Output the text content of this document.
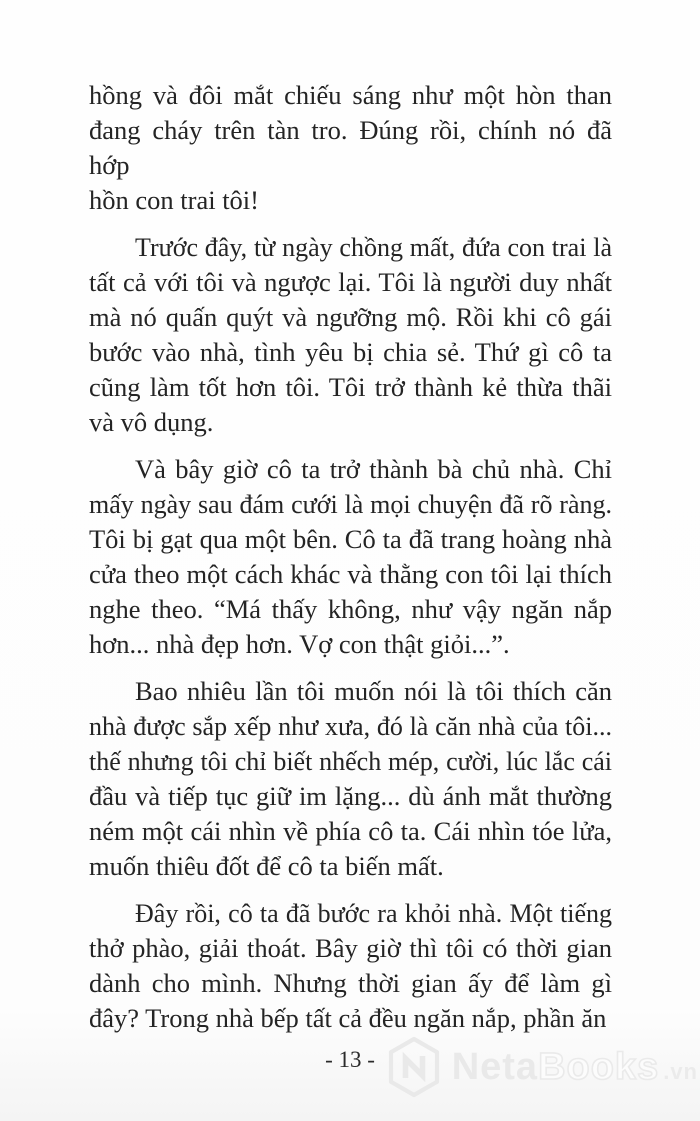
hồng và đôi mắt chiếu sáng như một hòn than
đang cháy trên tàn tro. Đúng rồi, chính nó đã hớp
hồn con trai tôi!
Trước đây, từ ngày chồng mất, đứa con trai là
tất cả với tôi và ngược lại. Tôi là người duy nhất
mà nó quấn quýt và ngưỡng mộ. Rồi khi cô gái
bước vào nhà, tình yêu bị chia sẻ. Thứ gì cô ta
cũng làm tốt hơn tôi. Tôi trở thành kẻ thừa thãi
và vô dụng.
Và bây giờ cô ta trở thành bà chủ nhà. Chỉ
mấy ngày sau đám cưới là mọi chuyện đã rõ ràng.
Tôi bị gạt qua một bên. Cô ta đã trang hoàng nhà
cửa theo một cách khác và thằng con tôi lại thích
nghe theo. “Má thấy không, như vậy ngăn nắp
hơn... nhà đẹp hơn. Vợ con thật giỏi...”.
Bao nhiêu lần tôi muốn nói là tôi thích căn
nhà được sắp xếp như xưa, đó là căn nhà của tôi...
thế nhưng tôi chỉ biết nhếch mép, cười, lúc lắc cái
đầu và tiếp tục giữ im lặng... dù ánh mắt thường
ném một cái nhìn về phía cô ta. Cái nhìn tóe lửa,
muốn thiêu đốt để cô ta biến mất.
Đây rồi, cô ta đã bước ra khỏi nhà. Một tiếng
thở phào, giải thoát. Bây giờ thì tôi có thời gian
dành cho mình. Nhưng thời gian ấy để làm gì
đây? Trong nhà bếp tất cả đều ngăn nắp, phần ăn
- 13 -	Neta Books .vn
